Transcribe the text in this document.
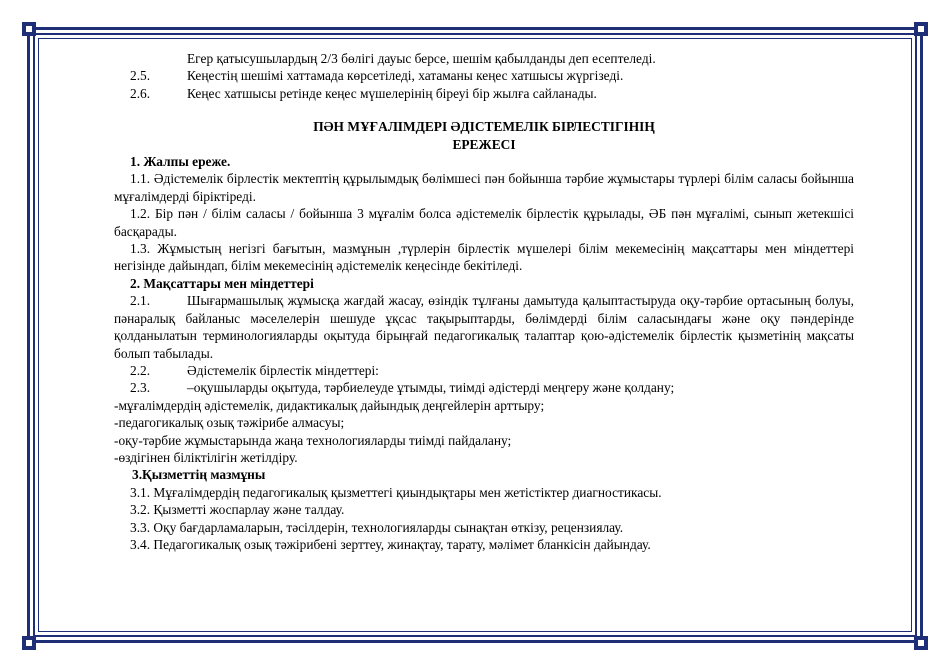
Егер қатысушылардың 2/3 бөлігі дауыс берсе, шешім қабылданды деп есептеледі.
2.5.	Кеңестің шешімі хаттамада көрсетіледі, хатаманы кеңес хатшысы жүргізеді.
2.6.	Кеңес хатшысы ретінде кеңес мүшелерінің біреуі бір жылға сайланады.
ПӘН МҰҒАЛІМДЕРІ ӘДІСТЕМЕЛІК БІРЛЕСТІГІНІҢ
ЕРЕЖЕСІ
1. Жалпы ереже.
1.1. Әдістемелік бірлестік мектептің құрылымдық бөлімшесі пән бойынша тәрбие жұмыстары түрлері білім саласы бойынша мұғалімдерді біріктіреді.
1.2. Бір пән / білім саласы / бойынша 3 мұғалім болса әдістемелік бірлестік құрылады, ӘБ пән мұғалімі, сынып жетекшісі басқарады.
1.3. Жұмыстың негізгі бағытын, мазмұнын ,түрлерін бірлестік мүшелері білім мекемесінің мақсаттары мен міндеттері негізінде дайындап, білім мекемесінің әдістемелік кеңесінде бекітіледі.
2. Мақсаттары мен міндеттері
2.1.	Шығармашылық жұмысқа жағдай жасау, өзіндік тұлғаны дамытуда қалыптастыруда оқу-тәрбие ортасының болуы, пәнаралық байланыс мәселелерін шешуде ұқсас тақырыптарды, бөлімдерді білім саласындағы және оқу пәндерінде қолданылатын терминологияларды оқытуда бірыңғай педагогикалық талаптар қою-әдістемелік бірлестік қызметінің мақсаты болып табылады.
2.2.	Әдістемелік бірлестік міндеттері:
2.3.	–оқушыларды оқытуда, тәрбиелеуде ұтымды, тиімді әдістерді меңгеру және қолдану;
-мұғалімдердің әдістемелік, дидактикалық дайындық деңгейлерін арттыру;
-педагогикалық озық тәжірибе алмасуы;
-оқу-тәрбие жұмыстарында жаңа технологияларды тиімді пайдалану;
-өздігінен біліктілігін жетілдіру.
3.Қызметтің мазмұны
3.1. Мұғалімдердің педагогикалық қызметтегі қиындықтары мен жетістіктер диагностикасы.
3.2. Қызметті жоспарлау және талдау.
3.3. Оқу бағдарламаларын, тәсілдерін, технологияларды сынақтан өткізу, рецензиялау.
3.4. Педагогикалық озық тәжірибені зерттеу, жинақтау, тарату, мәлімет бланкісін дайындау.
